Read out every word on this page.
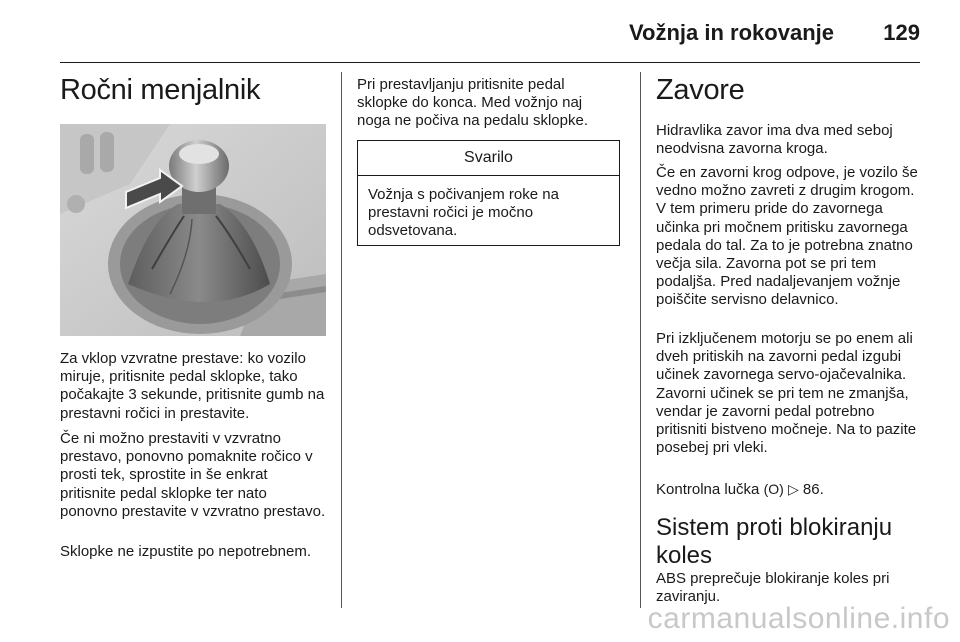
Vožnja in rokovanje 129
Ročni menjalnik

Za vklop vzvratne prestave: ko vozilo miruje, pritisnite pedal sklopke, tako počakajte 3 sekunde, pritisnite gumb na prestavni ročici in prestavite.

Če ni možno prestaviti v vzvratno prestavo, ponovno pomaknite ročico v prosti tek, sprostite in še enkrat pritisnite pedal sklopke ter nato ponovno prestavite v vzvratno prestavo.

Sklopke ne izpustite po nepotrebnem.

Pri prestavljanju pritisnite pedal sklopke do konca. Med vožnjo naj noga ne počiva na pedalu sklopke.

Svarilo
Vožnja s počivanjem roke na prestavni ročici je močno odsvetovana.
Zavore

Hidravlika zavor ima dva med seboj neodvisna zavorna kroga.

Če en zavorni krog odpove, je vozilo še vedno možno zavreti z drugim krogom. V tem primeru pride do zavornega učinka pri močnem pritisku zavornega pedala do tal. Za to je potrebna znatno večja sila. Zavorna pot se pri tem podaljša. Pred nadaljevanjem vožnje poiščite servisno delavnico.

Pri izključenem motorju se po enem ali dveh pritiskih na zavorni pedal izgubi učinek zavornega servo-ojačevalnika. Zavorni učinek se pri tem ne zmanjša, vendar je zavorni pedal potrebno pritisniti bistveno močneje. Na to pazite posebej pri vleki.

Kontrolna lučka (O) ▷ 86.

Sistem proti blokiranju koles

ABS preprečuje blokiranje koles pri zaviranju.

carmanualsonline.info
